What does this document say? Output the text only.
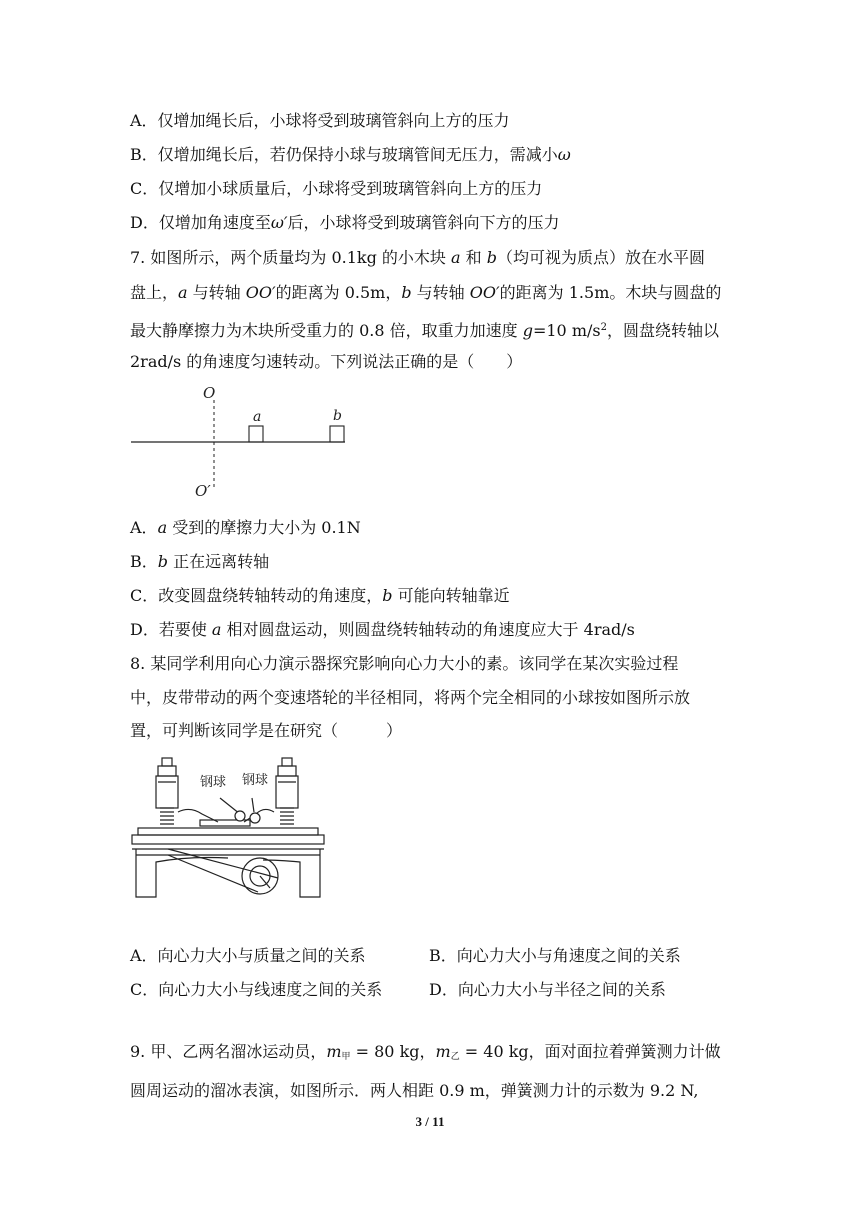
A．仅增加绳长后，小球将受到玻璃管斜向上方的压力
B．仅增加绳长后，若仍保持小球与玻璃管间无压力，需减小ω
C．仅增加小球质量后，小球将受到玻璃管斜向上方的压力
D．仅增加角速度至ω′后，小球将受到玻璃管斜向下方的压力
7. 如图所示，两个质量均为 0.1kg 的小木块 a 和 b（均可视为质点）放在水平圆
盘上，a 与转轴 OO′的距离为 0.5m，b 与转轴 OO′的距离为 1.5m。木块与圆盘的
最大静摩擦力为木块所受重力的 0.8 倍，取重力加速度 g=10 $m/s^2$，圆盘绕转轴以
2rad/s 的角速度匀速转动。下列说法正确的是（　　）
O
O′
a	b
A．a 受到的摩擦力大小为 0.1N
B．b 正在远离转轴
C．改变圆盘绕转轴转动的角速度，b 可能向转轴靠近
D．若要使 a 相对圆盘运动，则圆盘绕转轴转动的角速度应大于 4rad/s
8. 某同学利用向心力演示器探究影响向心力大小的素。该同学在某次实验过程
中，皮带带动的两个变速塔轮的半径相同，将两个完全相同的小球按如图所示放
置，可判断该同学是在研究（　　　）
钢球 钢球
A．向心力大小与质量之间的关系	B．向心力大小与角速度之间的关系
C．向心力大小与线速度之间的关系	D．向心力大小与半径之间的关系
9. 甲、乙两名溜冰运动员，$m_甲 = 80$ kg，$m_乙 = 40$ kg，面对面拉着弹簧测力计做
圆周运动的溜冰表演，如图所示．两人相距 0.9 m，弹簧测力计的示数为 9.2 N,
3 / 11
